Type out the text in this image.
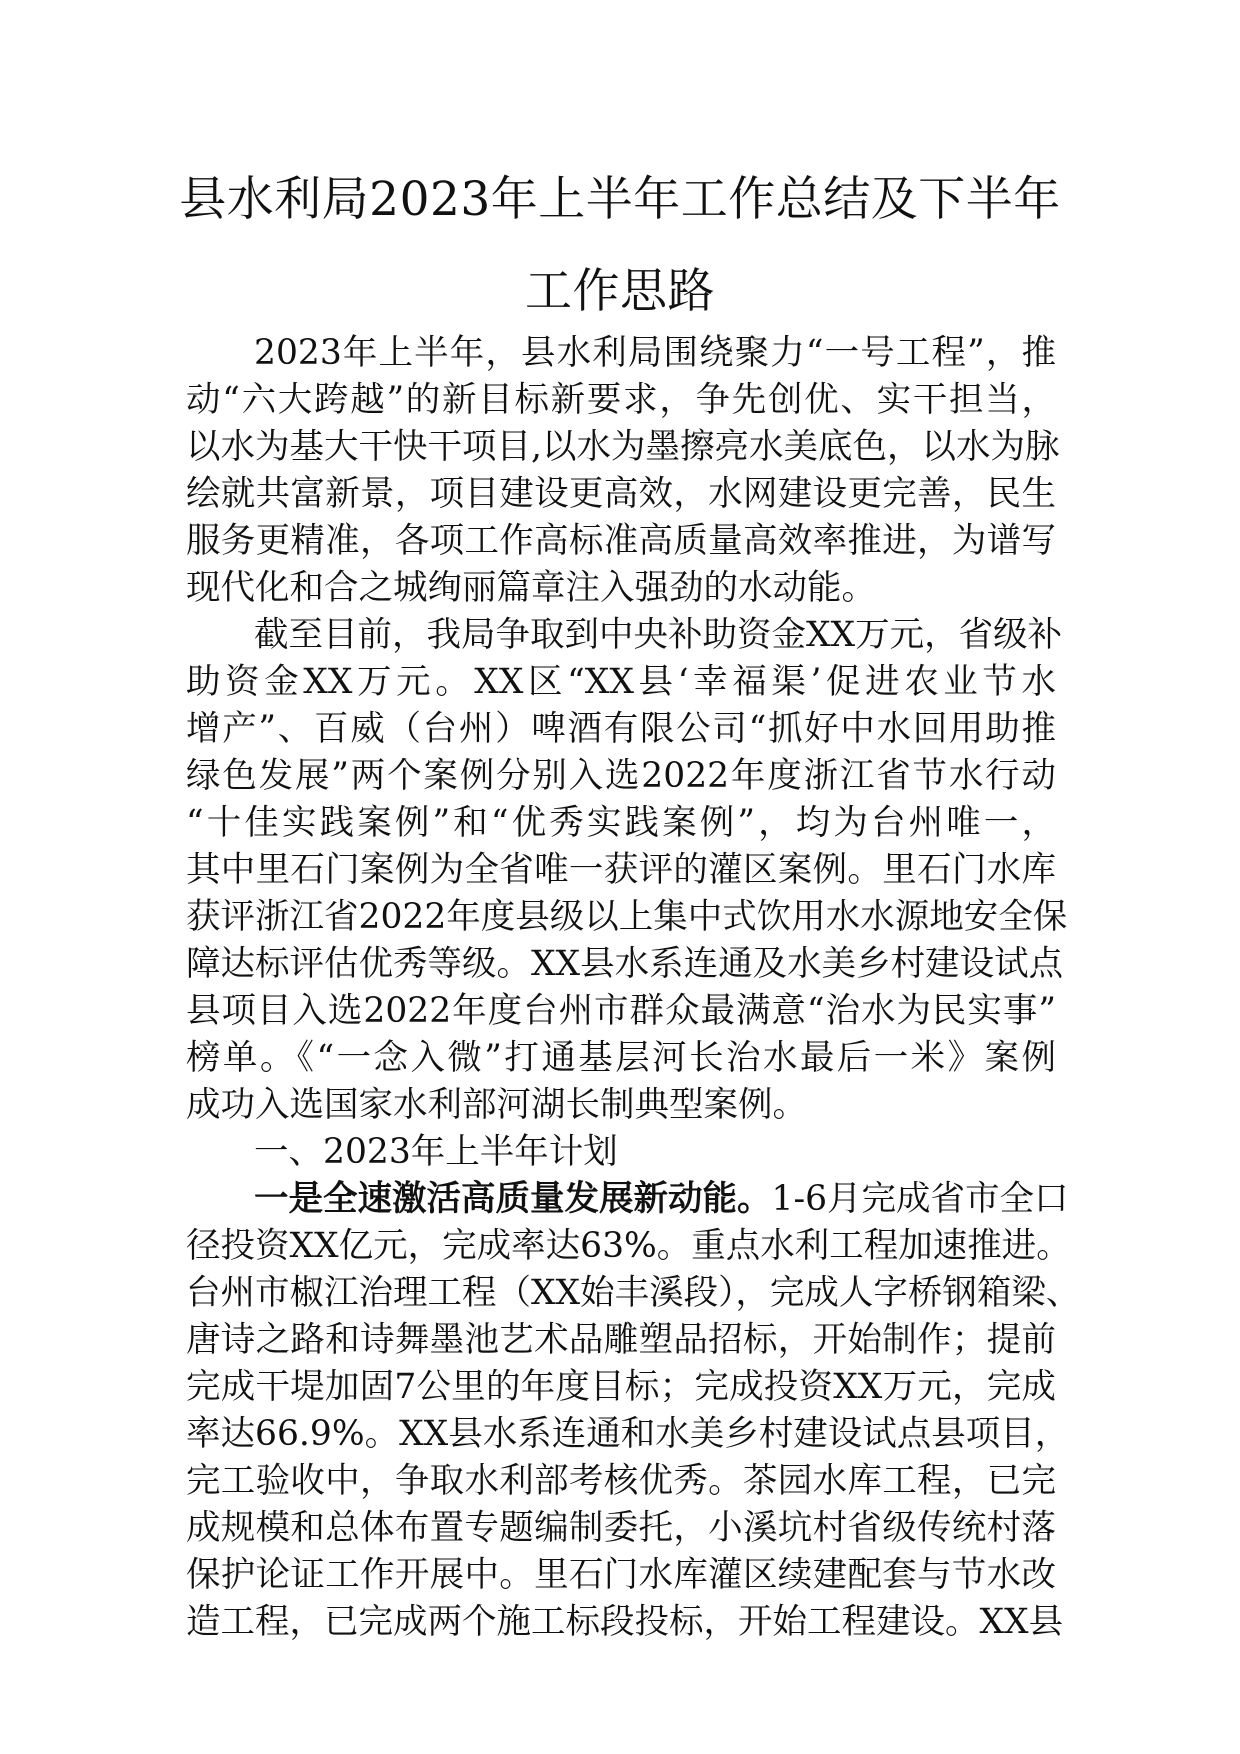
县水利局2023年上半年工作总结及下半年
工作思路
2023年上半年，县水利局围绕聚力“一号工程”，推
动“六大跨越”的新目标新要求，争先创优、实干担当，
以水为基大干快干项目,以水为墨擦亮水美底色，以水为脉
绘就共富新景，项目建设更高效，水网建设更完善，民生
服务更精准，各项工作高标准高质量高效率推进，为谱写
现代化和合之城绚丽篇章注入强劲的水动能。
截至目前，我局争取到中央补助资金XX万元，省级补
助资金XX万元。XX区“XX县‘幸福渠’促进农业节水
增产”、百威（台州）啤酒有限公司“抓好中水回用助推
绿色发展”两个案例分别入选2022年度浙江省节水行动
“十佳实践案例”和“优秀实践案例”，均为台州唯一，
其中里石门案例为全省唯一获评的灌区案例。里石门水库
获评浙江省2022年度县级以上集中式饮用水水源地安全保
障达标评估优秀等级。XX县水系连通及水美乡村建设试点
县项目入选2022年度台州市群众最满意“治水为民实事”
榜单。《“一念入微”打通基层河长治水最后一米》案例
成功入选国家水利部河湖长制典型案例。
一、2023年上半年计划
一是全速激活高质量发展新动能。1-6月完成省市全口
径投资XX亿元，完成率达63%。重点水利工程加速推进。
台州市椒江治理工程（XX始丰溪段），完成人字桥钢箱梁、
唐诗之路和诗舞墨池艺术品雕塑品招标，开始制作；提前
完成干堤加固7公里的年度目标；完成投资XX万元，完成
率达66.9%。XX县水系连通和水美乡村建设试点县项目，
完工验收中，争取水利部考核优秀。茶园水库工程，已完
成规模和总体布置专题编制委托，小溪坑村省级传统村落
保护论证工作开展中。里石门水库灌区续建配套与节水改
造工程，已完成两个施工标段投标，开始工程建设。XX县
